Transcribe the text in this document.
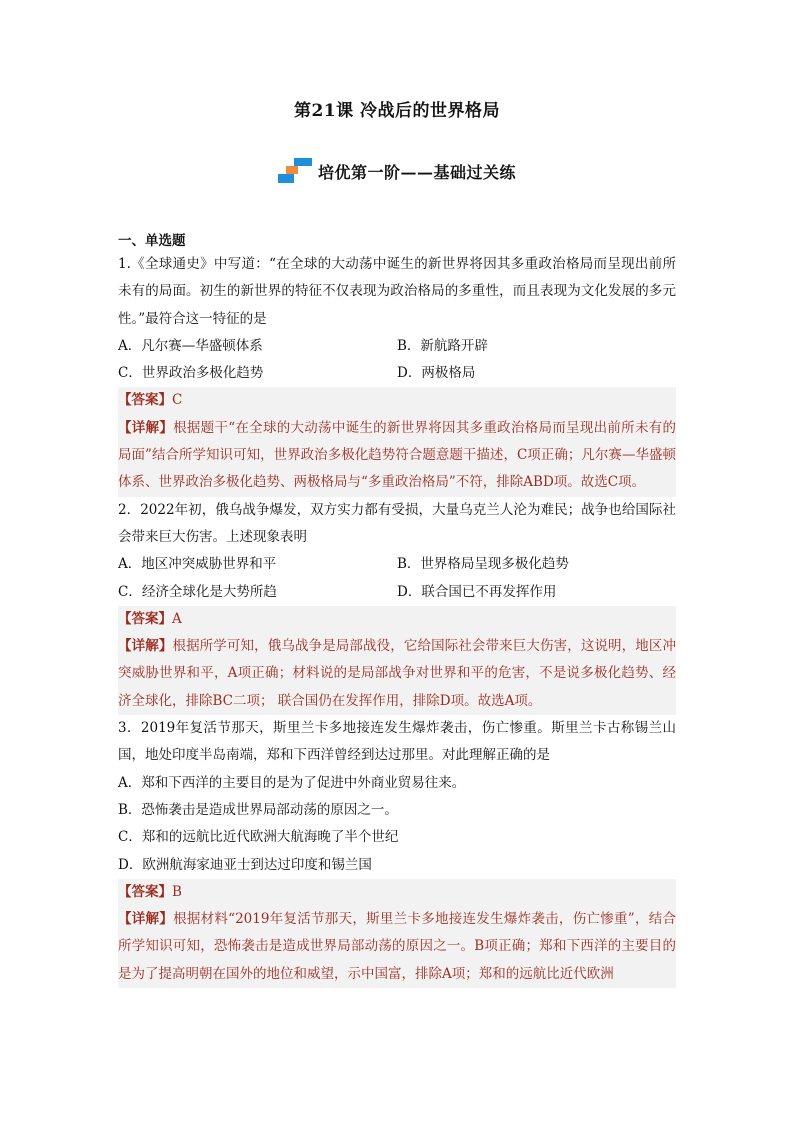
第21课 冷战后的世界格局
培优第一阶——基础过关练
一、单选题
1.《全球通史》中写道：“在全球的大动荡中诞生的新世界将因其多重政治格局而呈现出前所未有的局面。初生的新世界的特征不仅表现为政治格局的多重性，而且表现为文化发展的多元性。”最符合这一特征的是
A．凡尔赛—华盛顿体系	B．新航路开辟
C．世界政治多极化趋势	D．两极格局
【答案】C
【详解】根据题干“在全球的大动荡中诞生的新世界将因其多重政治格局而呈现出前所未有的局面”结合所学知识可知，世界政治多极化趋势符合题意题干描述，C项正确；凡尔赛—华盛顿体系、世界政治多极化趋势、两极格局与“多重政治格局”不符，排除ABD项。故选C项。
2．2022年初，俄乌战争爆发，双方实力都有受损，大量乌克兰人沦为难民；战争也给国际社会带来巨大伤害。上述现象表明
A．地区冲突威胁世界和平	B．世界格局呈现多极化趋势
C．经济全球化是大势所趋	D．联合国已不再发挥作用
【答案】A
【详解】根据所学可知，俄乌战争是局部战役，它给国际社会带来巨大伤害，这说明，地区冲突威胁世界和平，A项正确；材料说的是局部战争对世界和平的危害，不是说多极化趋势、经济全球化，排除BC二项； 联合国仍在发挥作用，排除D项。故选A项。
3．2019年复活节那天，斯里兰卡多地接连发生爆炸袭击，伤亡惨重。斯里兰卡古称锡兰山国，地处印度半岛南端，郑和下西洋曾经到达过那里。对此理解正确的是
A．郑和下西洋的主要目的是为了促进中外商业贸易往来。
B．恐怖袭击是造成世界局部动荡的原因之一。
C．郑和的远航比近代欧洲大航海晚了半个世纪
D．欧洲航海家迪亚士到达过印度和锡兰国
【答案】B
【详解】根据材料“2019年复活节那天，斯里兰卡多地接连发生爆炸袭击，伤亡惨重”，结合所学知识可知，恐怖袭击是造成世界局部动荡的原因之一。B项正确；郑和下西洋的主要目的是为了提高明朝在国外的地位和威望，示中国富，排除A项；郑和的远航比近代欧洲
